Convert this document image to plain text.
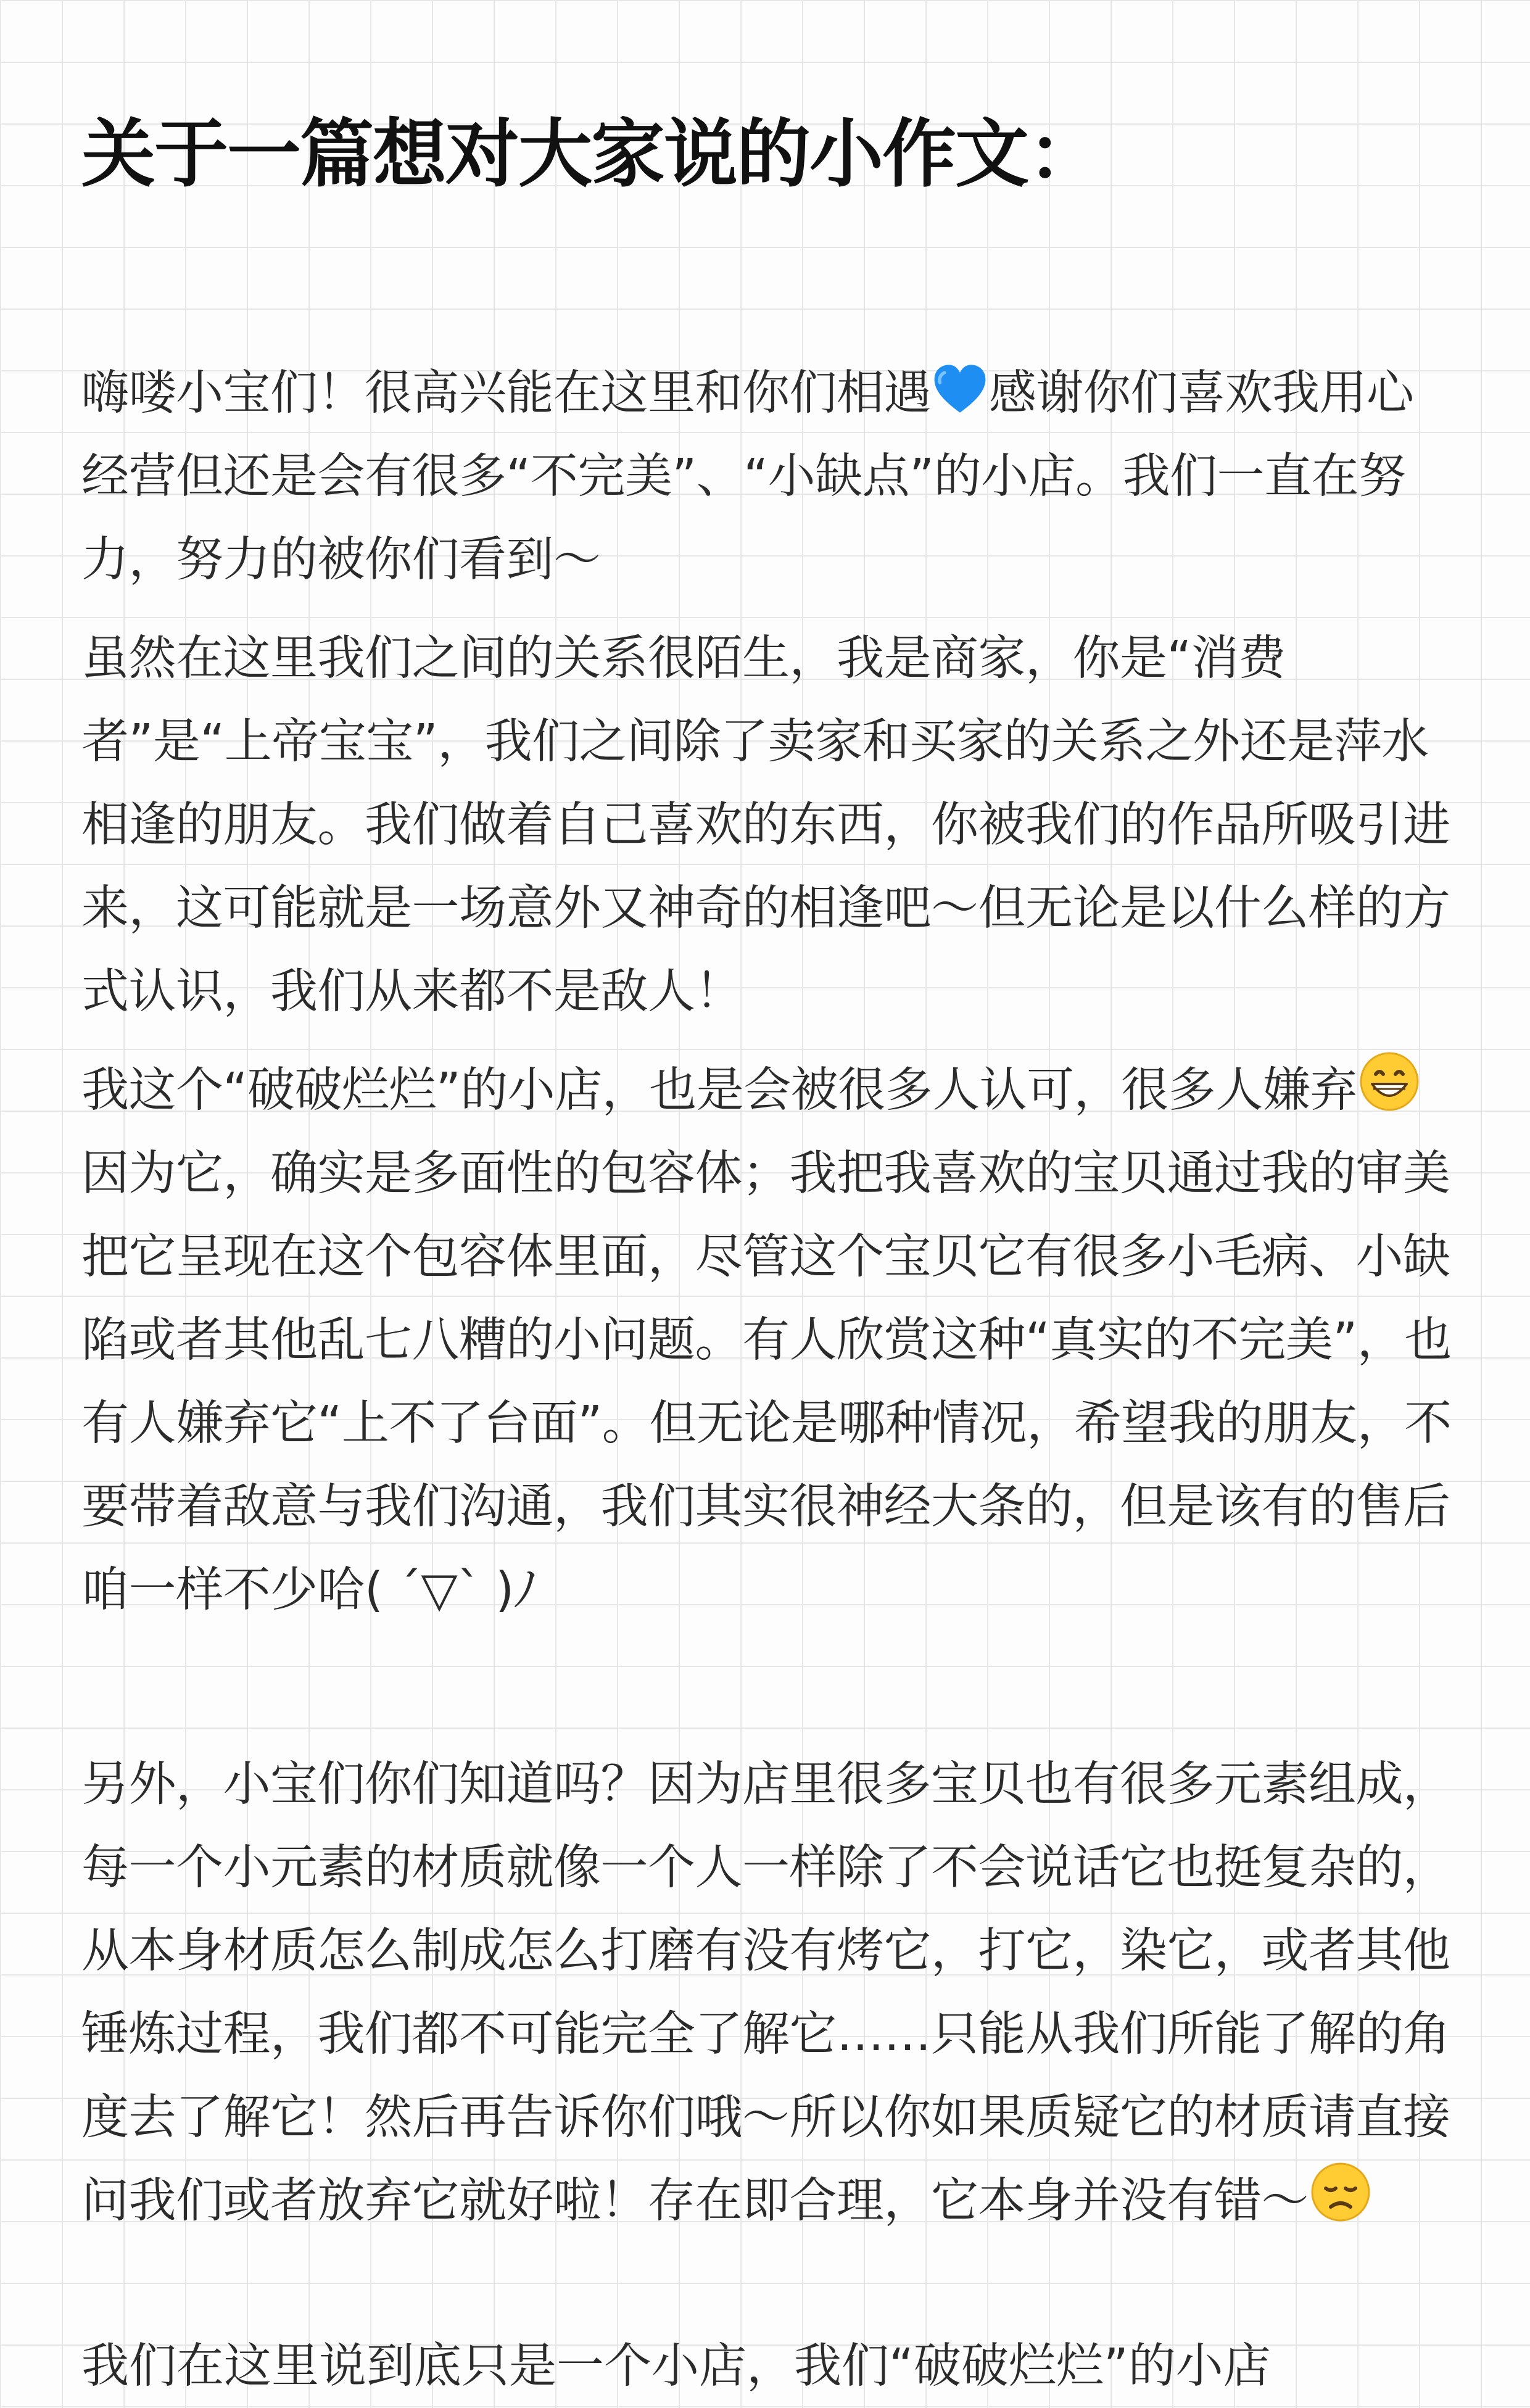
关于一篇想对大家说的小作文：

嗨喽小宝们！很高兴能在这里和你们相遇 感谢你们喜欢我用心经营但还是会有很多“不完美”、“小缺点”的小店。我们一直在努力，努力的被你们看到～

虽然在这里我们之间的关系很陌生，我是商家，你是“消费者”是“上帝宝宝”，我们之间除了卖家和买家的关系之外还是萍水相逢的朋友。我们做着自己喜欢的东西，你被我们的作品所吸引进来，这可能就是一场意外又神奇的相逢吧～但无论是以什么样的方式认识，我们从来都不是敌人！

我这个“破破烂烂”的小店，也是会被很多人认可，很多人嫌弃
因为它，确实是多面性的包容体；我把我喜欢的宝贝通过我的审美把它呈现在这个包容体里面，尽管这个宝贝它有很多小毛病、小缺陷或者其他乱七八糟的小问题。有人欣赏这种“真实的不完美”，也有人嫌弃它“上不了台面”。但无论是哪种情况，希望我的朋友，不要带着敌意与我们沟通，我们其实很神经大条的，但是该有的售后咱一样不少哈( ´▽` )ﾉ

另外，小宝们你们知道吗？因为店里很多宝贝也有很多元素组成，每一个小元素的材质就像一个人一样除了不会说话它也挺复杂的，从本身材质怎么制成怎么打磨有没有烤它，打它，染它，或者其他锤炼过程，我们都不可能完全了解它……只能从我们所能了解的角度去了解它！然后再告诉你们哦～所以你如果质疑它的材质请直接问我们或者放弃它就好啦！存在即合理，它本身并没有错～

我们在这里说到底只是一个小店，我们“破破烂烂”的小店
